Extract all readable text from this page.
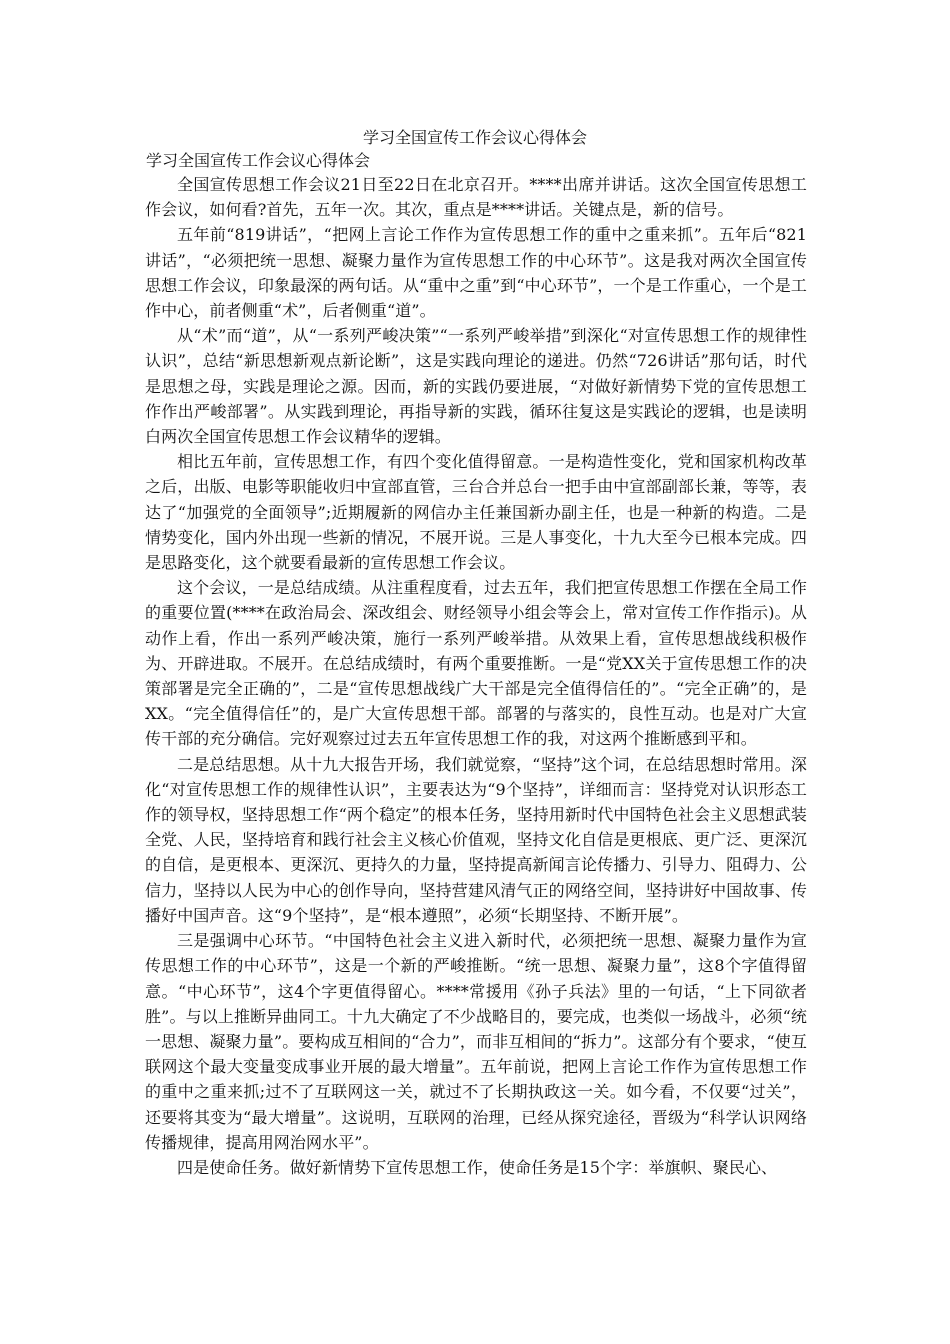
学习全国宣传工作会议心得体会

学习全国宣传工作会议心得体会

全国宣传思想工作会议21日至22日在北京召开。****出席并讲话。这次全国宣传思想工作会议，如何看?首先，五年一次。其次，重点是****讲话。关键点是，新的信号。

五年前“819讲话”，“把网上言论工作作为宣传思想工作的重中之重来抓”。五年后“821讲话”，“必须把统一思想、凝聚力量作为宣传思想工作的中心环节”。这是我对两次全国宣传思想工作会议，印象最深的两句话。从“重中之重”到“中心环节”，一个是工作重心，一个是工作中心，前者侧重“术”，后者侧重“道”。

从“术”而“道”，从“一系列严峻决策”“一系列严峻举措”到深化“对宣传思想工作的规律性认识”，总结“新思想新观点新论断”，这是实践向理论的递进。仍然“726讲话”那句话，时代是思想之母，实践是理论之源。因而，新的实践仍要进展，“对做好新情势下党的宣传思想工作作出严峻部署”。从实践到理论，再指导新的实践，循环往复这是实践论的逻辑，也是读明白两次全国宣传思想工作会议精华的逻辑。

相比五年前，宣传思想工作，有四个变化值得留意。一是构造性变化，党和国家机构改革之后，出版、电影等职能收归中宣部直管，三台合并总台一把手由中宣部副部长兼，等等，表达了“加强党的全面领导”;近期履新的网信办主任兼国新办副主任，也是一种新的构造。二是情势变化，国内外出现一些新的情况，不展开说。三是人事变化，十九大至今已根本完成。四是思路变化，这个就要看最新的宣传思想工作会议。

这个会议，一是总结成绩。从注重程度看，过去五年，我们把宣传思想工作摆在全局工作的重要位置(****在政治局会、深改组会、财经领导小组会等会上，常对宣传工作作指示)。从动作上看，作出一系列严峻决策，施行一系列严峻举措。从效果上看，宣传思想战线积极作为、开辟进取。不展开。在总结成绩时，有两个重要推断。一是“党XX关于宣传思想工作的决策部署是完全正确的”，二是“宣传思想战线广大干部是完全值得信任的”。“完全正确”的，是XX。“完全值得信任”的，是广大宣传思想干部。部署的与落实的，良性互动。也是对广大宣传干部的充分确信。完好观察过过去五年宣传思想工作的我，对这两个推断感到平和。

二是总结思想。从十九大报告开场，我们就觉察，“坚持”这个词，在总结思想时常用。深化“对宣传思想工作的规律性认识”，主要表达为“9个坚持”，详细而言：坚持党对认识形态工作的领导权，坚持思想工作“两个稳定”的根本任务，坚持用新时代中国特色社会主义思想武装全党、人民，坚持培育和践行社会主义核心价值观，坚持文化自信是更根底、更广泛、更深沉的自信，是更根本、更深沉、更持久的力量，坚持提高新闻言论传播力、引导力、阻碍力、公信力，坚持以人民为中心的创作导向，坚持营建风清气正的网络空间，坚持讲好中国故事、传播好中国声音。这“9个坚持”，是“根本遵照”，必须“长期坚持、不断开展”。

三是强调中心环节。“中国特色社会主义进入新时代，必须把统一思想、凝聚力量作为宣传思想工作的中心环节”，这是一个新的严峻推断。“统一思想、凝聚力量”，这8个字值得留意。“中心环节”，这4个字更值得留心。****常援用《孙子兵法》里的一句话，“上下同欲者胜”。与以上推断异曲同工。十九大确定了不少战略目的，要完成，也类似一场战斗，必须“统一思想、凝聚力量”。要构成互相间的“合力”，而非互相间的“拆力”。这部分有个要求，“使互联网这个最大变量变成事业开展的最大增量”。五年前说，把网上言论工作作为宣传思想工作的重中之重来抓;过不了互联网这一关，就过不了长期执政这一关。如今看，不仅要“过关”，还要将其变为“最大增量”。这说明，互联网的治理，已经从探究途径，晋级为“科学认识网络传播规律，提高用网治网水平”。

四是使命任务。做好新情势下宣传思想工作，使命任务是15个字：举旗帜、聚民心、
